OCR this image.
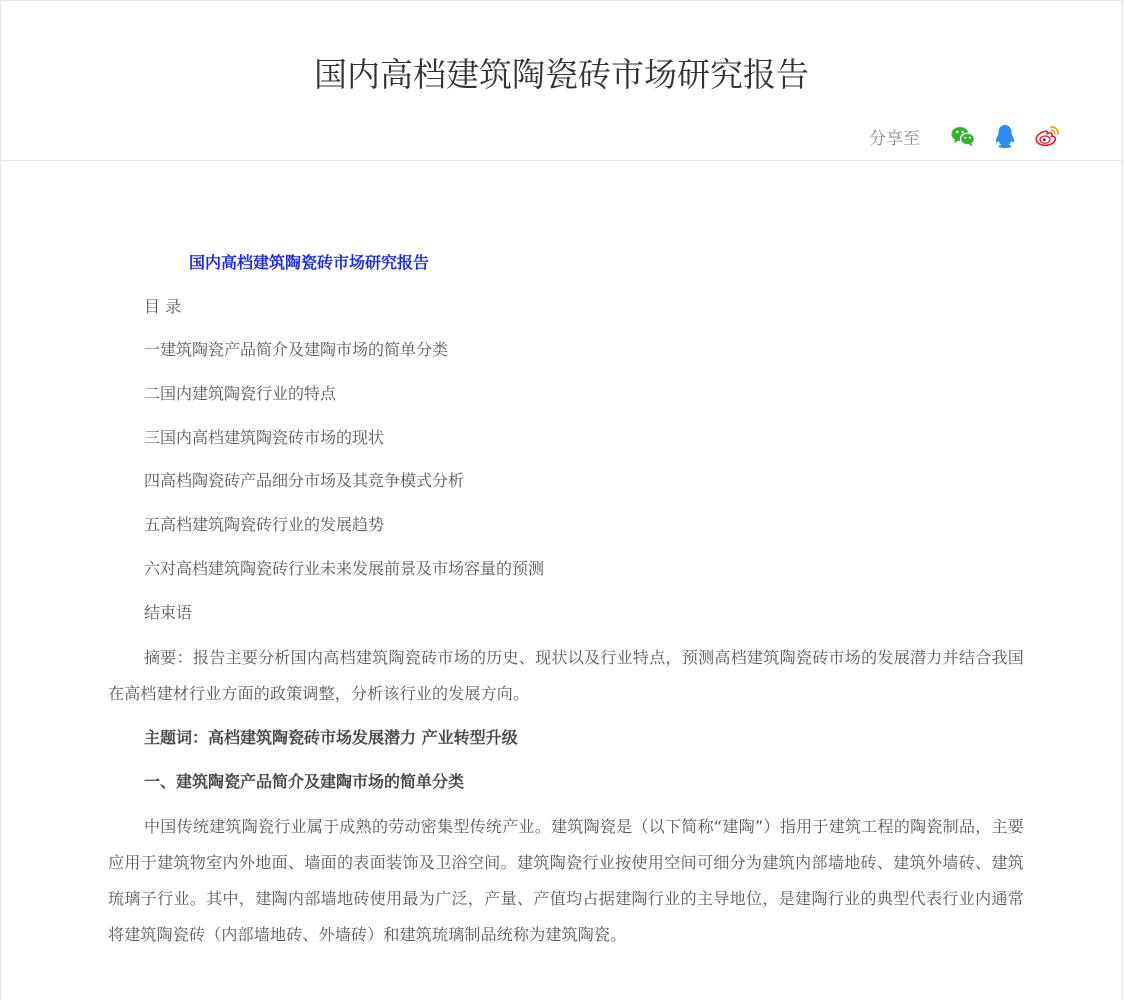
国内高档建筑陶瓷砖市场研究报告
分享至
国内高档建筑陶瓷砖市场研究报告
目 录
一建筑陶瓷产品简介及建陶市场的简单分类
二国内建筑陶瓷行业的特点
三国内高档建筑陶瓷砖市场的现状
四高档陶瓷砖产品细分市场及其竞争模式分析
五高档建筑陶瓷砖行业的发展趋势
六对高档建筑陶瓷砖行业未来发展前景及市场容量的预测
结束语
摘要：报告主要分析国内高档建筑陶瓷砖市场的历史、现状以及行业特点，预测高档建筑陶瓷砖市场的发展潜力并结合我国在高档建材行业方面的政策调整，分析该行业的发展方向。
主题词：高档建筑陶瓷砖市场发展潜力 产业转型升级
一、建筑陶瓷产品简介及建陶市场的简单分类
中国传统建筑陶瓷行业属于成熟的劳动密集型传统产业。建筑陶瓷是（以下简称“建陶”）指用于建筑工程的陶瓷制品，主要应用于建筑物室内外地面、墙面的表面装饰及卫浴空间。建筑陶瓷行业按使用空间可细分为建筑内部墙地砖、建筑外墙砖、建筑琉璃子行业。其中，建陶内部墙地砖使用最为广泛，产量、产值均占据建陶行业的主导地位，是建陶行业的典型代表行业内通常将建筑陶瓷砖（内部墙地砖、外墙砖）和建筑琉璃制品统称为建筑陶瓷。
